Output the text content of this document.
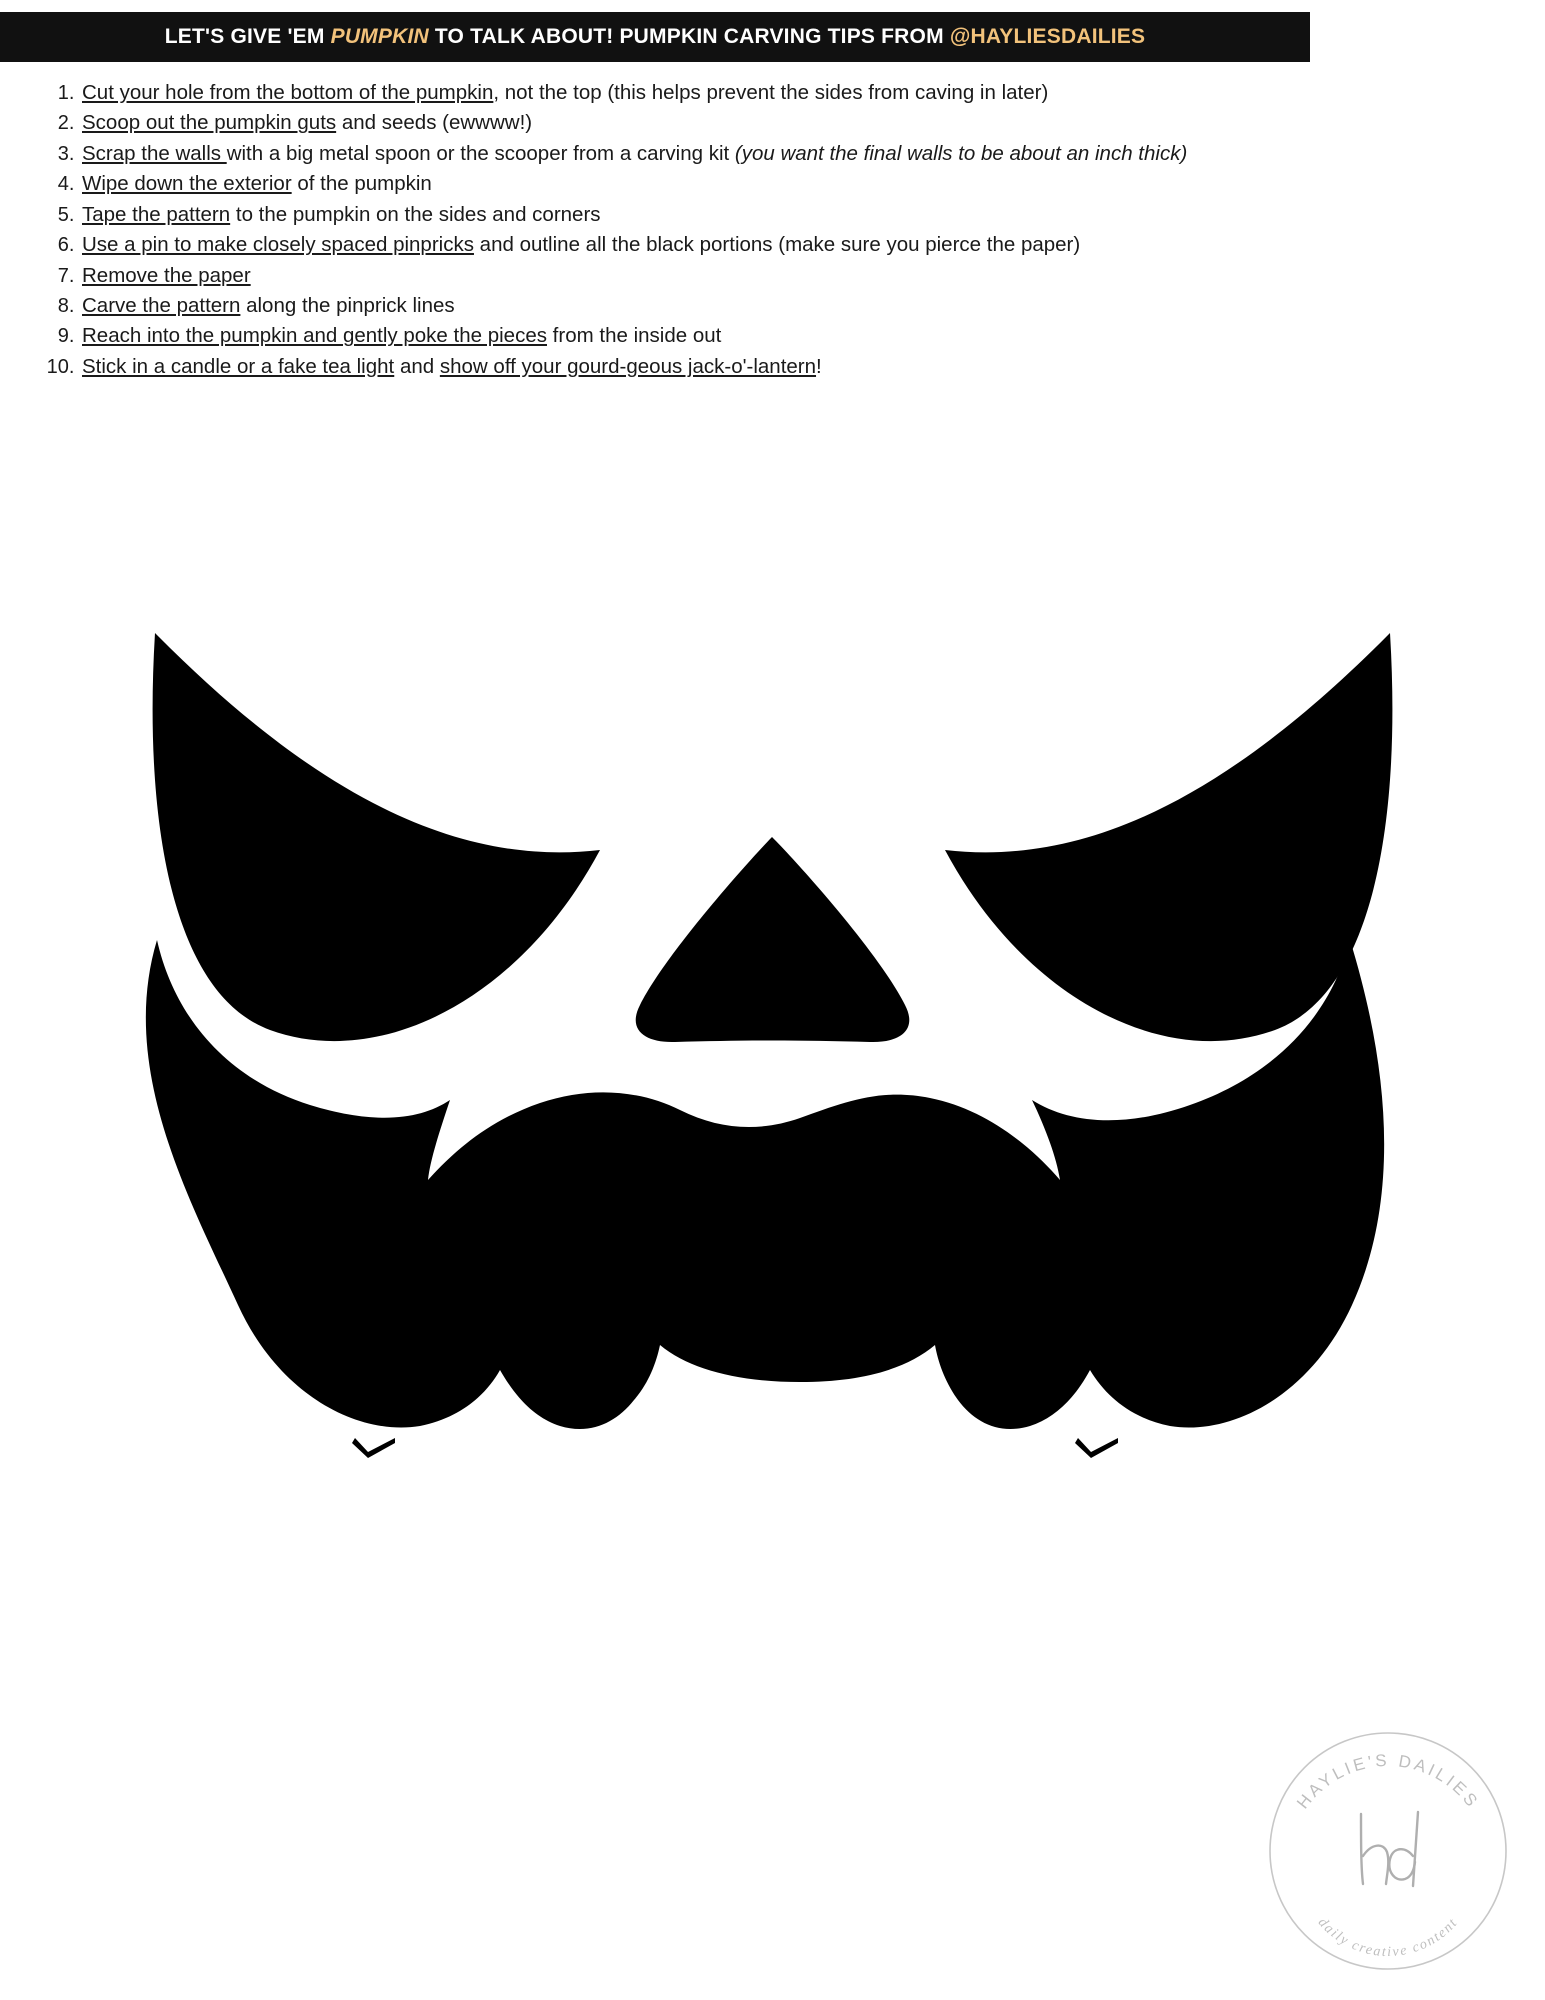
LET'S GIVE 'EM PUMPKIN TO TALK ABOUT! PUMPKIN CARVING TIPS FROM @HAYLIESDAILIES
1. Cut your hole from the bottom of the pumpkin, not the top (this helps prevent the sides from caving in later)
2. Scoop out the pumpkin guts and seeds (ewwww!)
3. Scrap the walls with a big metal spoon or the scooper from a carving kit (you want the final walls to be about an inch thick)
4. Wipe down the exterior of the pumpkin
5. Tape the pattern to the pumpkin on the sides and corners
6. Use a pin to make closely spaced pinpricks and outline all the black portions (make sure you pierce the paper)
7. Remove the paper
8. Carve the pattern along the pinprick lines
9. Reach into the pumpkin and gently poke the pieces from the inside out
10. Stick in a candle or a fake tea light and show off your gourd-geous jack-o'-lantern!
HAYLIE'S DAILIES
daily creative content
